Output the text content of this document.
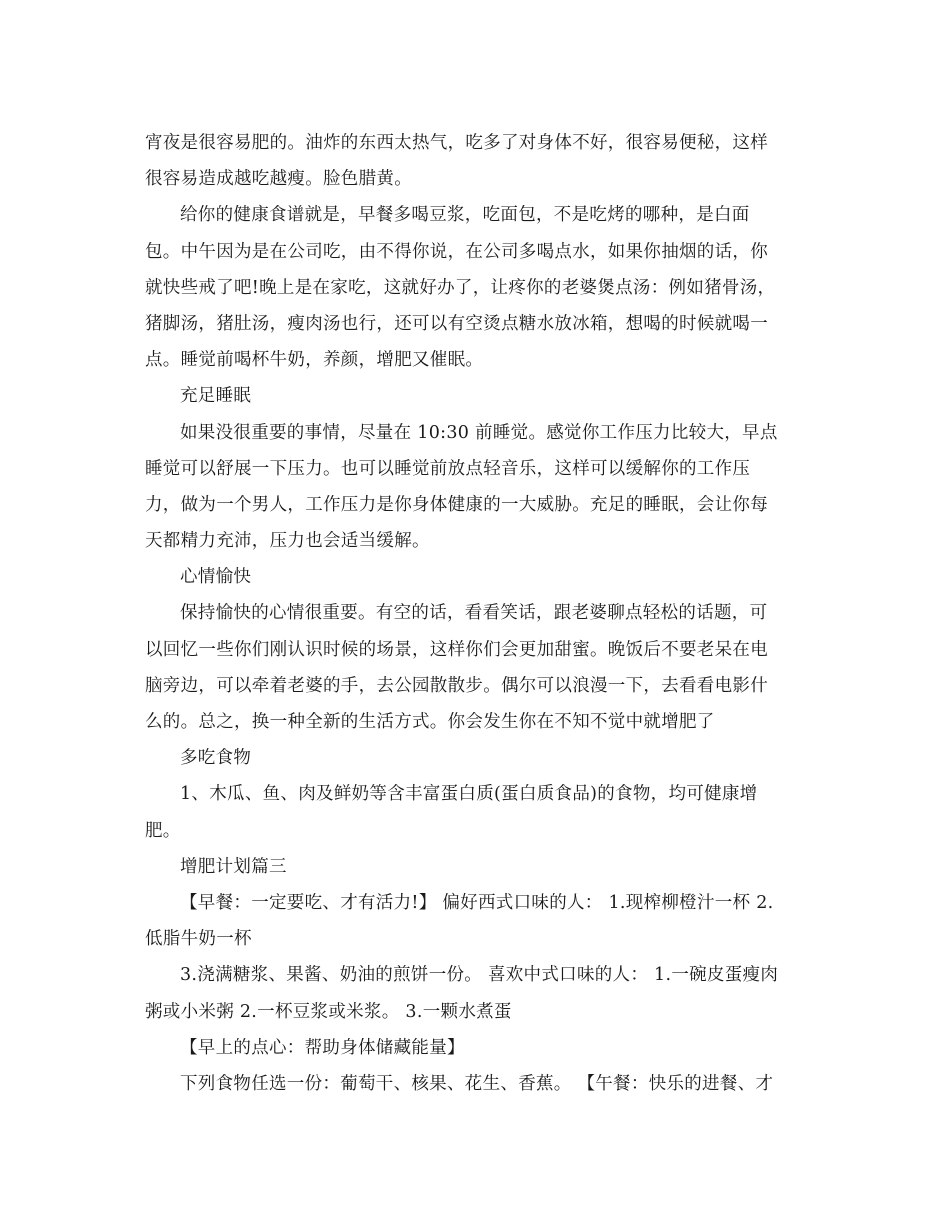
宵夜是很容易肥的。油炸的东西太热气，吃多了对身体不好，很容易便秘，这样
很容易造成越吃越瘦。脸色腊黄。
给你的健康食谱就是，早餐多喝豆浆，吃面包，不是吃烤的哪种，是白面
包。中午因为是在公司吃，由不得你说，在公司多喝点水，如果你抽烟的话，你
就快些戒了吧!晚上是在家吃，这就好办了，让疼你的老婆煲点汤：例如猪骨汤，
猪脚汤，猪肚汤，瘦肉汤也行，还可以有空烫点糖水放冰箱，想喝的时候就喝一
点。睡觉前喝杯牛奶，养颜，增肥又催眠。
充足睡眠
如果没很重要的事情，尽量在 10:30 前睡觉。感觉你工作压力比较大，早点
睡觉可以舒展一下压力。也可以睡觉前放点轻音乐，这样可以缓解你的工作压
力，做为一个男人，工作压力是你身体健康的一大威胁。充足的睡眠，会让你每
天都精力充沛，压力也会适当缓解。
心情愉快
保持愉快的心情很重要。有空的话，看看笑话，跟老婆聊点轻松的话题，可
以回忆一些你们刚认识时候的场景，这样你们会更加甜蜜。晚饭后不要老呆在电
脑旁边，可以牵着老婆的手，去公园散散步。偶尔可以浪漫一下，去看看电影什
么的。总之，换一种全新的生活方式。你会发生你在不知不觉中就增肥了
多吃食物
1、木瓜、鱼、肉及鲜奶等含丰富蛋白质(蛋白质食品)的食物，均可健康增
肥。
增肥计划篇三
【早餐：一定要吃、才有活力!】 偏好西式口味的人： 1.现榨柳橙汁一杯 2.
低脂牛奶一杯
3.浇满糖浆、果酱、奶油的煎饼一份。 喜欢中式口味的人： 1.一碗皮蛋瘦肉
粥或小米粥 2.一杯豆浆或米浆。 3.一颗水煮蛋
【早上的点心：帮助身体储藏能量】
下列食物任选一份：葡萄干、核果、花生、香蕉。 【午餐：快乐的进餐、才
